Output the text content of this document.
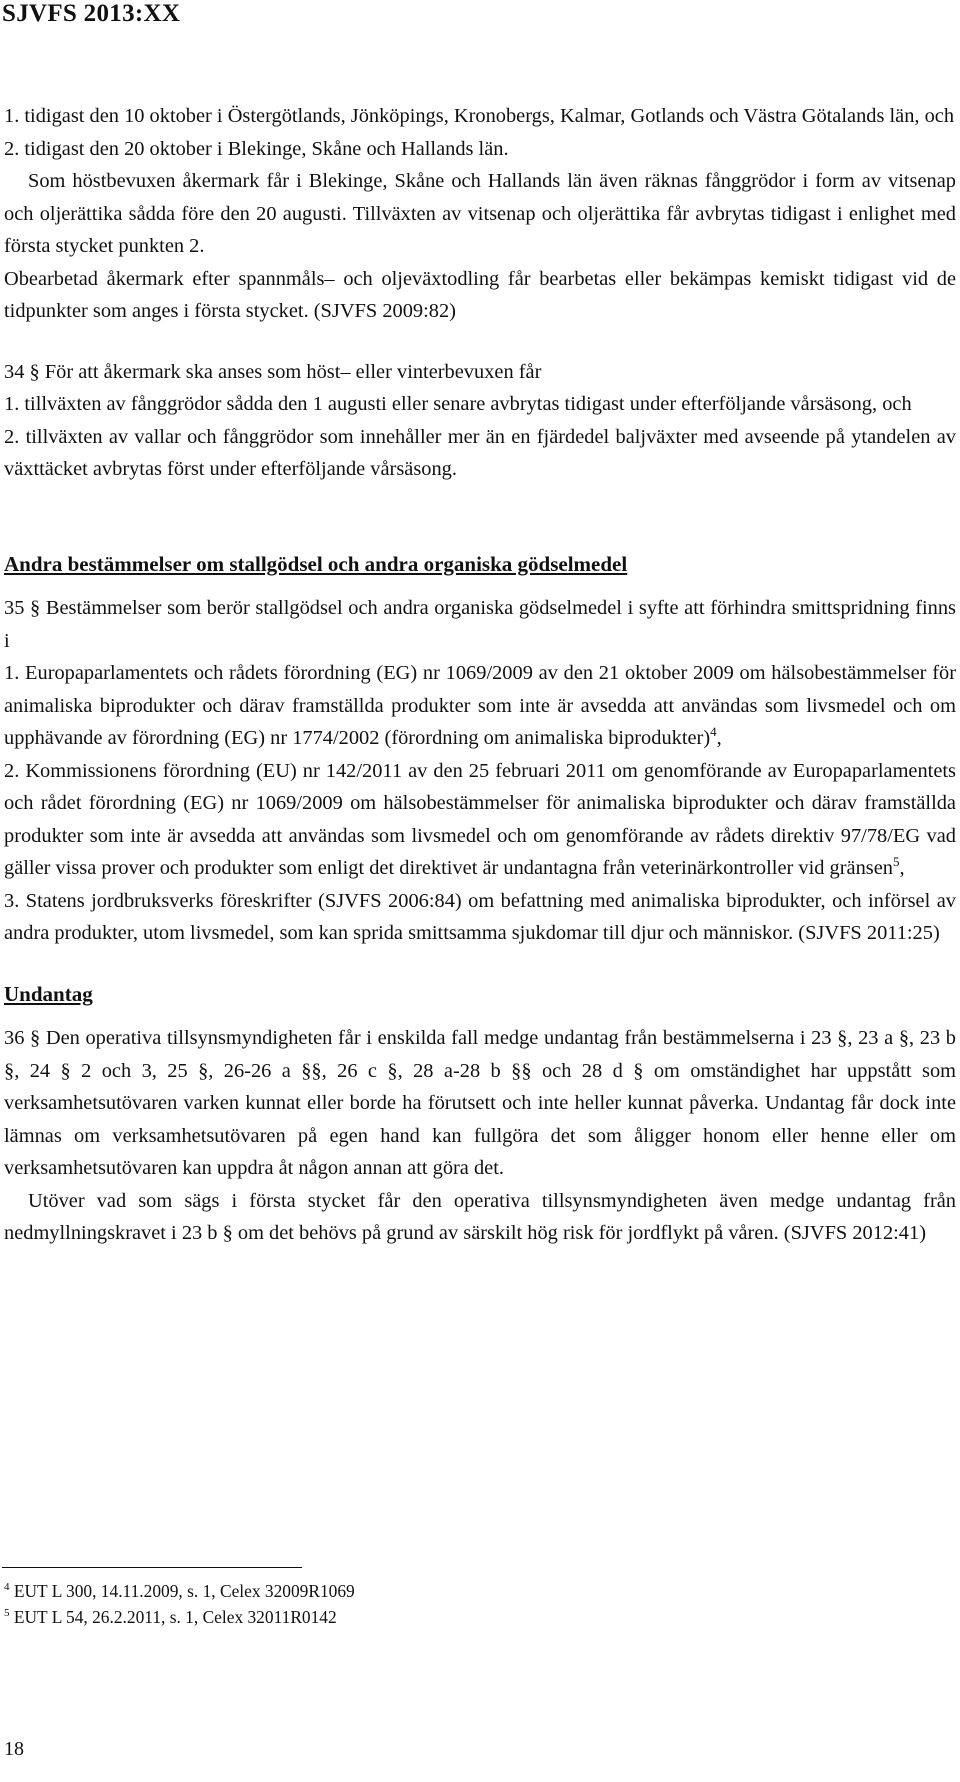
SJVFS 2013:XX

1. tidigast den 10 oktober i Östergötlands, Jönköpings, Kronobergs, Kalmar, Gotlands och Västra Götalands län, och

2. tidigast den 20 oktober i Blekinge, Skåne och Hallands län.

Som höstbevuxen åkermark får i Blekinge, Skåne och Hallands län även räknas fånggrödor i form av vitsenap och oljerättika sådda före den 20 augusti. Tillväxten av vitsenap och oljerättika får avbrytas tidigast i enlighet med första stycket punkten 2.

Obearbetad åkermark efter spannmåls– och oljeväxtodling får bearbetas eller bekämpas kemiskt tidigast vid de tidpunkter som anges i första stycket. (SJVFS 2009:82)

34 § För att åkermark ska anses som höst– eller vinterbevuxen får

1. tillväxten av fånggrödor sådda den 1 augusti eller senare avbrytas tidigast under efterföljande vårsäsong, och

2. tillväxten av vallar och fånggrödor som innehåller mer än en fjärdedel baljväxter med avseende på ytandelen av växttäcket avbrytas först under efterföljande vårsäsong.

Andra bestämmelser om stallgödsel och andra organiska gödselmedel

35 § Bestämmelser som berör stallgödsel och andra organiska gödselmedel i syfte att förhindra smittspridning finns i

1. Europaparlamentets och rådets förordning (EG) nr 1069/2009 av den 21 oktober 2009 om hälsobestämmelser för animaliska biprodukter och därav framställda produkter som inte är avsedda att användas som livsmedel och om upphävande av förordning (EG) nr 1774/2002 (förordning om animaliska biprodukter)$^4$,

2. Kommissionens förordning (EU) nr 142/2011 av den 25 februari 2011 om genomförande av Europaparlamentets och rådet förordning (EG) nr 1069/2009 om hälsobestämmelser för animaliska biprodukter och därav framställda produkter som inte är avsedda att användas som livsmedel och om genomförande av rådets direktiv 97/78/EG vad gäller vissa prover och produkter som enligt det direktivet är undantagna från veterinärkontroller vid gränsen$^5$,

3. Statens jordbruksverks föreskrifter (SJVFS 2006:84) om befattning med animaliska biprodukter, och införsel av andra produkter, utom livsmedel, som kan sprida smittsamma sjukdomar till djur och människor. (SJVFS 2011:25)

Undantag

36 § Den operativa tillsynsmyndigheten får i enskilda fall medge undantag från bestämmelserna i 23 §, 23 a §, 23 b §, 24 § 2 och 3, 25 §, 26-26 a §§, 26 c §, 28 a-28 b §§ och 28 d § om omständighet har uppstått som verksamhetsutövaren varken kunnat eller borde ha förutsett och inte heller kunnat påverka. Undantag får dock inte lämnas om verksamhetsutövaren på egen hand kan fullgöra det som åligger honom eller henne eller om verksamhetsutövaren kan uppdra åt någon annan att göra det.

Utöver vad som sägs i första stycket får den operativa tillsynsmyndigheten även medge undantag från nedmyllningskravet i 23 b § om det behövs på grund av särskilt hög risk för jordflykt på våren. (SJVFS 2012:41)

$^4$ EUT L 300, 14.11.2009, s. 1, Celex 32009R1069
$^5$ EUT L 54, 26.2.2011, s. 1, Celex 32011R0142
18
